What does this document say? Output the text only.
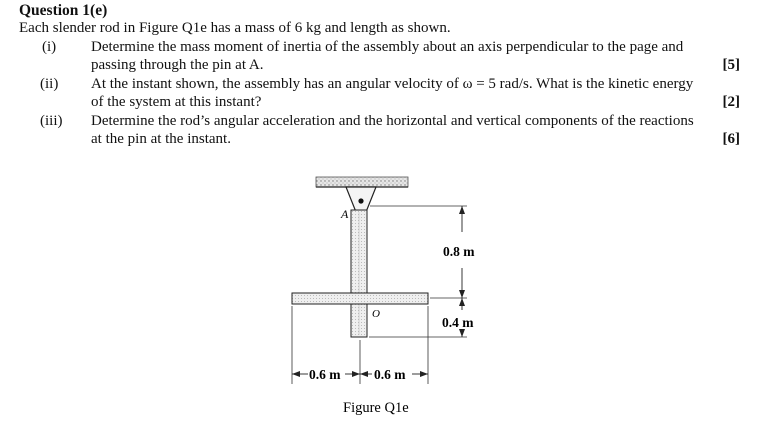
Question 1(e)
Each slender rod in Figure Q1e has a mass of 6 kg and length as shown.
(i) Determine the mass moment of inertia of the assembly about an axis perpendicular to the page and
passing through the pin at A.	[5]
(ii) At the instant shown, the assembly has an angular velocity of ω = 5 rad/s. What is the kinetic energy
of the system at this instant?	[2]
(iii) Determine the rod’s angular acceleration and the horizontal and vertical components of the reactions
at the pin at the instant.	[6]
A
O
0.8 m
0.4 m
0.6 m 0.6 m
Figure Q1e
